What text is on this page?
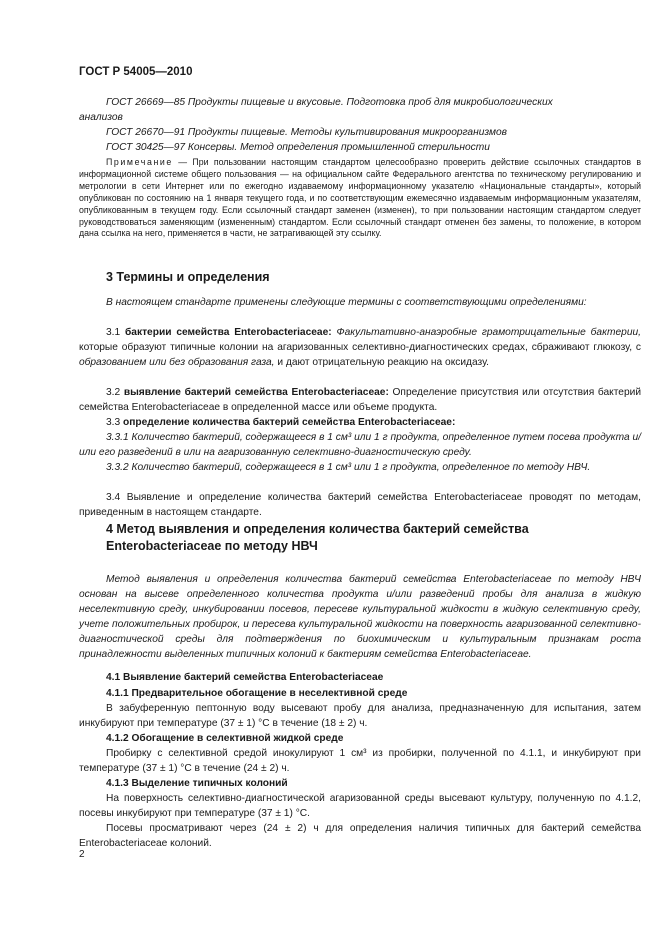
ГОСТ Р 54005—2010

ГОСТ 26669—85 Продукты пищевые и вкусовые. Подготовка проб для микробиологических
анализов

ГОСТ 26670—91 Продукты пищевые. Методы культивирования микроорганизмов

ГОСТ 30425—97 Консервы. Метод определения промышленной стерильности

Примечание — При пользовании настоящим стандартом целесообразно проверить действие ссылочных стандартов в информационной системе общего пользования — на официальном сайте Федерального агентства по техническому регулированию и метрологии в сети Интернет или по ежегодно издаваемому информационному указателю «Национальные стандарты», который опубликован по состоянию на 1 января текущего года, и по соответствующим ежемесячно издаваемым информационным указателям, опубликованным в текущем году. Если ссылочный стандарт заменен (изменен), то при пользовании настоящим стандартом следует руководствоваться заменяющим (измененным) стандартом. Если ссылочный стандарт отменен без замены, то положение, в котором дана ссылка на него, применяется в части, не затрагивающей эту ссылку.

3 Термины и определения

В настоящем стандарте применены следующие термины с соответствующими определениями:

3.1 бактерии семейства Enterobacteriaceae: Факультативно-анаэробные грамотрицательные бактерии, которые образуют типичные колонии на агаризованных селективно-диагностических средах, сбраживают глюкозу, с образованием или без образования газа, и дают отрицательную реакцию на оксидазу.

3.2 выявление бактерий семейства Enterobacteriaceae: Определение присутствия или отсутствия бактерий семейства Enterobacteriaceae в определенной массе или объеме продукта.

3.3 определение количества бактерий семейства Enterobacteriaceae:

3.3.1 Количество бактерий, содержащееся в 1 см³ или 1 г продукта, определенное путем посева продукта и/или его разведений в или на агаризованную селективно-диагностическую среду.

3.3.2 Количество бактерий, содержащееся в 1 см³ или 1 г продукта, определенное по методу НВЧ.

3.4 Выявление и определение количества бактерий семейства Enterobacteriaceae проводят по методам, приведенным в настоящем стандарте.

4 Метод выявления и определения количества бактерий семейства
Enterobacteriaceae по методу НВЧ

Метод выявления и определения количества бактерий семейства Enterobacteriaceae по методу НВЧ основан на высеве определенного количества продукта и/или разведений пробы для анализа в жидкую неселективную среду, инкубировании посевов, пересеве культуральной жидкости в жидкую селективную среду, учете положительных пробирок, и пересева культуральной жидкости на поверхность агаризованной селективно-диагностической среды для подтверждения по биохимическим и культуральным признакам роста принадлежности выделенных типичных колоний к бактериям семейства Enterobacteriaceae.

4.1 Выявление бактерий семейства Enterobacteriaceae

4.1.1 Предварительное обогащение в неселективной среде

В забуференную пептонную воду высевают пробу для анализа, предназначенную для испытания, затем инкубируют при температуре (37 ± 1) °С в течение (18 ± 2) ч.

4.1.2 Обогащение в селективной жидкой среде

Пробирку с селективной средой инокулируют 1 см³ из пробирки, полученной по 4.1.1, и инкубируют при температуре (37 ± 1) °С в течение (24 ± 2) ч.

4.1.3 Выделение типичных колоний

На поверхность селективно-диагностической агаризованной среды высевают культуру, полученную по 4.1.2, посевы инкубируют при температуре (37 ± 1) °С.

Посевы просматривают через (24 ± 2) ч для определения наличия типичных для бактерий семейства Enterobacteriaceae колоний.

2
